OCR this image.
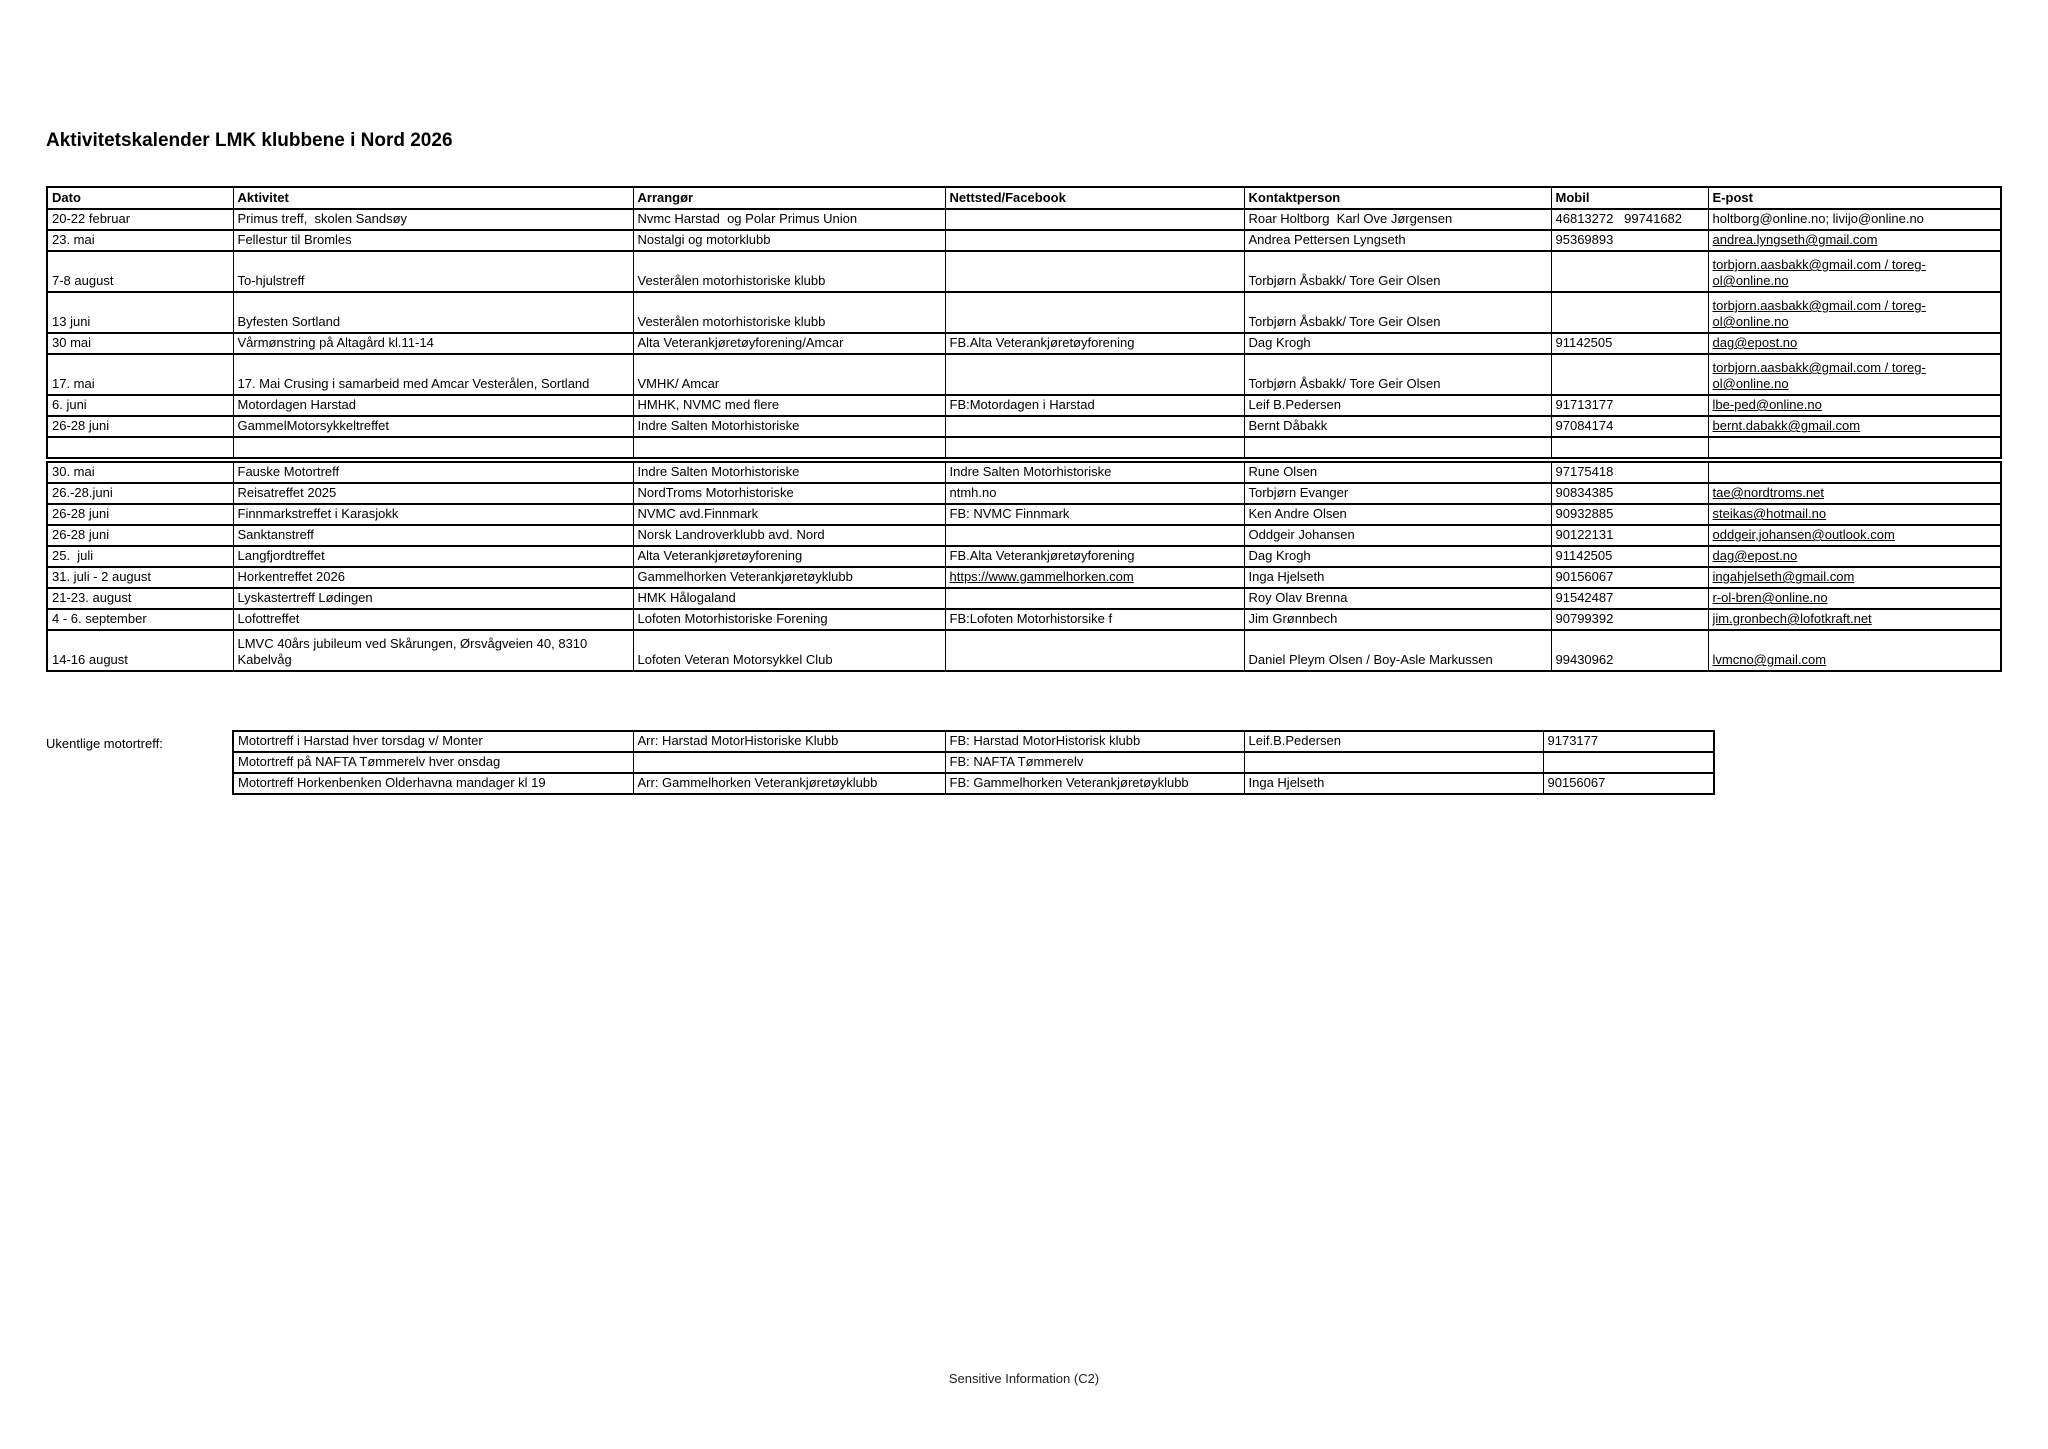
Aktivitetskalender LMK klubbene i Nord 2026
Dato	Aktivitet	Arrangør	Nettsted/Facebook	Kontaktperson	Mobil	E-post
20-22 februar	Primus treff,  skolen Sandsøy	Nvmc Harstad  og Polar Primus Union		Roar Holtborg  Karl Ove Jørgensen	46813272   99741682	holtborg@online.no; livijo@online.no
23. mai	Fellestur til Bromles	Nostalgi og motorklubb		Andrea Pettersen Lyngseth	95369893	andrea.lyngseth@gmail.com
7-8 august	To-hjulstreff	Vesterålen motorhistoriske klubb		Torbjørn Åsbakk/ Tore Geir Olsen		torbjorn.aasbakk@gmail.com / toreg-ol@online.no
13 juni	Byfesten Sortland	Vesterålen motorhistoriske klubb		Torbjørn Åsbakk/ Tore Geir Olsen		torbjorn.aasbakk@gmail.com / toreg-ol@online.no
30 mai	Vårmønstring på Altagård kl.11-14	Alta Veterankjøretøyforening/Amcar	FB.Alta Veterankjøretøyforening	Dag Krogh	91142505	dag@epost.no
17. mai	17. Mai Crusing i samarbeid med Amcar Vesterålen, Sortland	VMHK/ Amcar		Torbjørn Åsbakk/ Tore Geir Olsen		torbjorn.aasbakk@gmail.com / toreg-ol@online.no
6. juni	Motordagen Harstad	HMHK, NVMC med flere	FB:Motordagen i Harstad	Leif B.Pedersen	91713177	lbe-ped@online.no
26-28 juni	GammelMotorsykkeltreffet	Indre Salten Motorhistoriske		Bernt Dåbakk	97084174	bernt.dabakk@gmail.com

30. mai	Fauske Motortreff	Indre Salten Motorhistoriske	Indre Salten Motorhistoriske	Rune Olsen	97175418	
26.-28.juni	Reisatreffet 2025	NordTroms Motorhistoriske	ntmh.no	Torbjørn Evanger	90834385	tae@nordtroms.net
26-28 juni	Finnmarkstreffet i Karasjokk	NVMC avd.Finnmark	FB: NVMC Finnmark	Ken Andre Olsen	90932885	steikas@hotmail.no
26-28 juni	Sanktanstreff	Norsk Landroverklubb avd. Nord		Oddgeir Johansen	90122131	oddgeir,johansen@outlook.com
25.  juli	Langfjordtreffet	Alta Veterankjøretøyforening	FB.Alta Veterankjøretøyforening	Dag Krogh	91142505	dag@epost.no
31. juli - 2 august	Horkentreffet 2026	Gammelhorken Veterankjøretøyklubb	https://www.gammelhorken.com	Inga Hjelseth	90156067	ingahjelseth@gmail.com
21-23. august	Lyskastertreff Lødingen	HMK Hålogaland		Roy Olav Brenna	91542487	r-ol-bren@online.no
4 - 6. september	Lofottreffet	Lofoten Motorhistoriske Forening	FB:Lofoten Motorhistorsike f	Jim Grønnbech	90799392	jim.gronbech@lofotkraft.net
14-16 august	LMVC 40års jubileum ved Skårungen, Ørsvågveien 40, 8310 Kabelvåg	Lofoten Veteran Motorsykkel Club		Daniel Pleym Olsen / Boy-Asle Markussen	99430962	lvmcno@gmail.com
Ukentlige motortreff:	Motortreff i Harstad hver torsdag v/ Monter	Arr: Harstad MotorHistoriske Klubb	FB: Harstad MotorHistorisk klubb	Leif.B.Pedersen	9173177
Motortreff på NAFTA Tømmerelv hver onsdag		FB: NAFTA Tømmerelv		
Motortreff Horkenbenken Olderhavna mandager kl 19	Arr: Gammelhorken Veterankjøretøyklubb	FB: Gammelhorken Veterankjøretøyklubb	Inga Hjelseth	90156067
Sensitive Information (C2)
